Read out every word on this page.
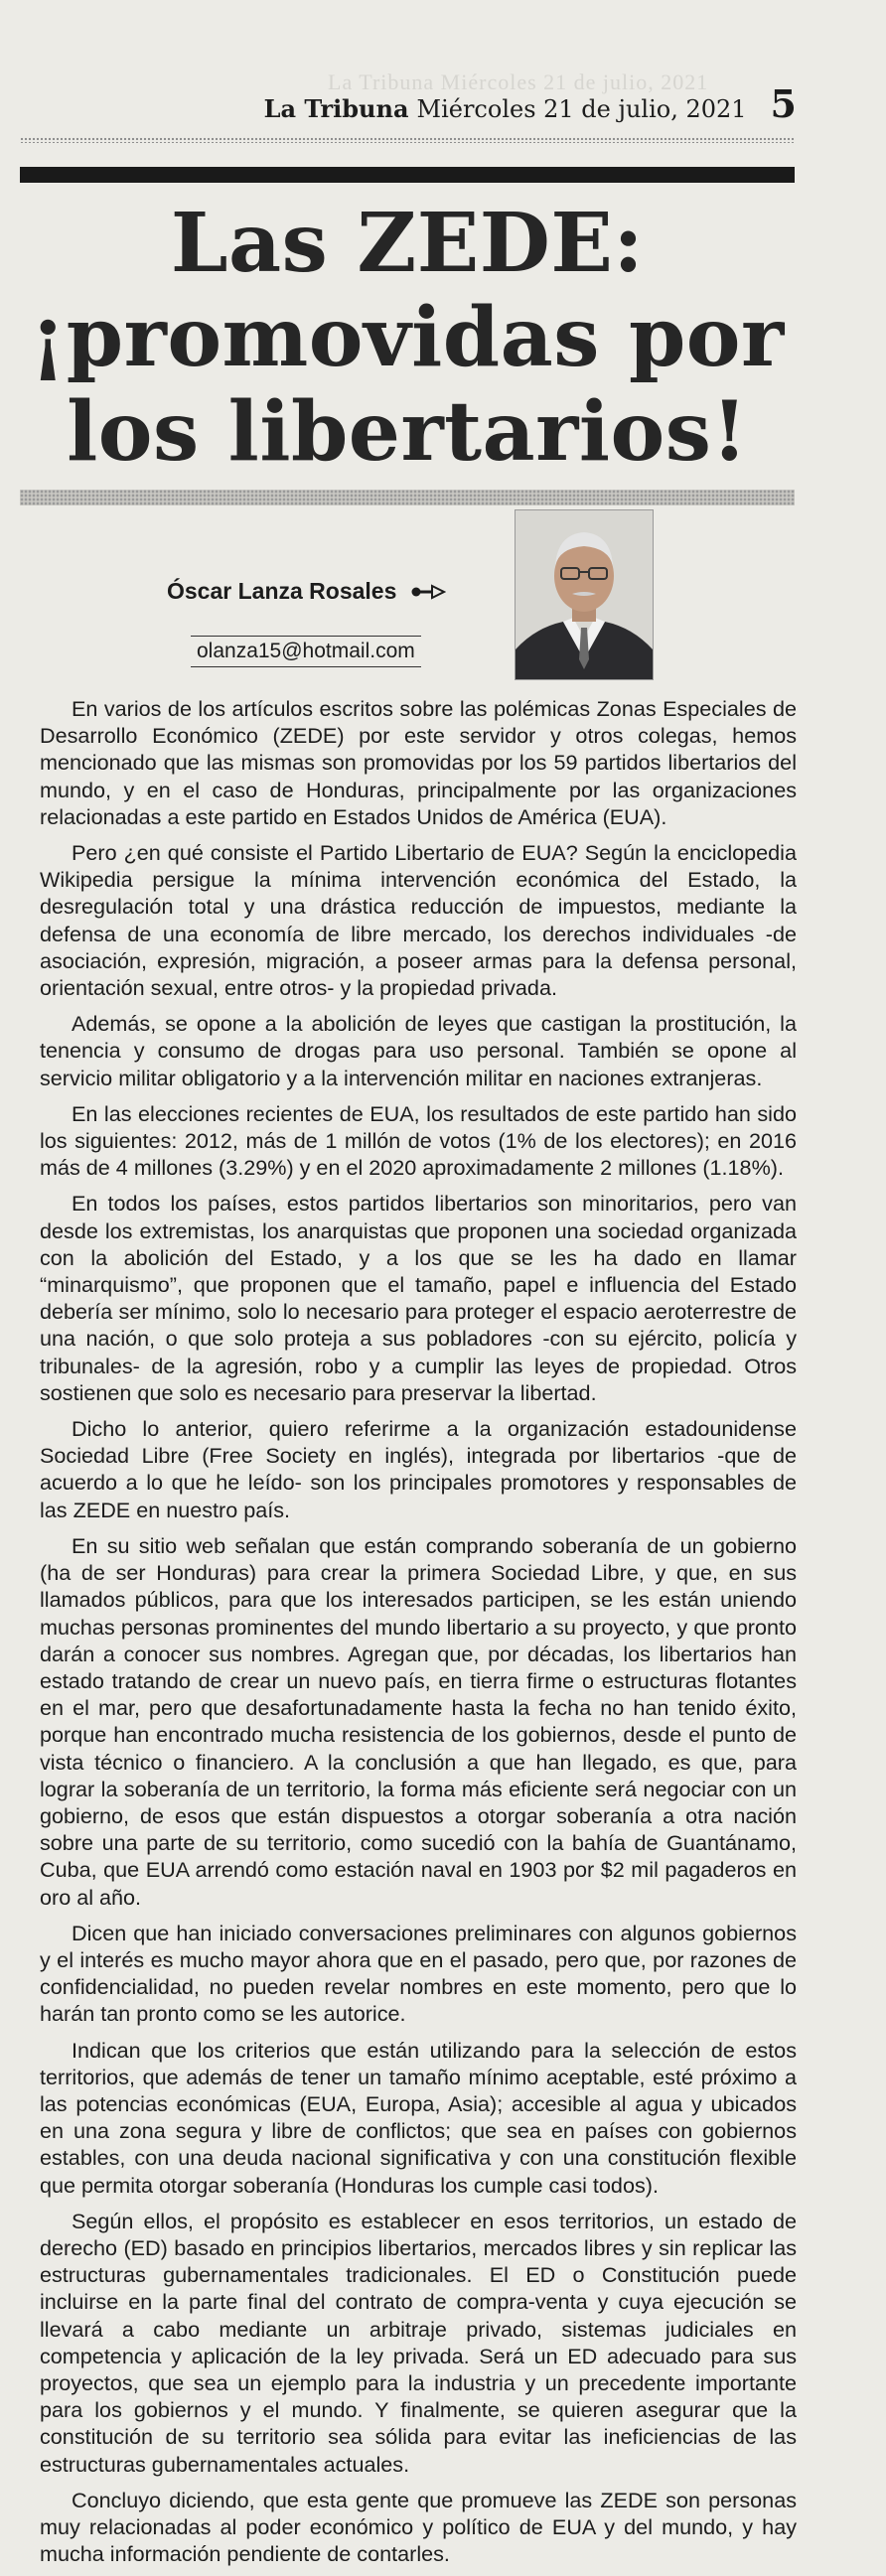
La Tribuna Miércoles 21 de julio, 2021
La Tribuna Miércoles 21 de julio, 2021 5
Las ZEDE:
¡promovidas por
los libertarios!
Óscar Lanza Rosales
olanza15@hotmail.com

En varios de los artículos escritos sobre las polémicas Zonas Especiales de Desarrollo Económico (ZEDE) por este servidor y otros colegas, hemos mencionado que las mismas son promovidas por los 59 partidos libertarios del mundo, y en el caso de Honduras, principalmente por las organizaciones relacionadas a este partido en Estados Unidos de América (EUA).

Pero ¿en qué consiste el Partido Libertario de EUA? Según la enciclopedia Wikipedia persigue la mínima intervención económica del Estado, la desregulación total y una drástica reducción de impuestos, mediante la defensa de una economía de libre mercado, los derechos individuales -de asociación, expresión, migración, a poseer armas para la defensa personal, orientación sexual, entre otros- y la propiedad privada.

Además, se opone a la abolición de leyes que castigan la prostitución, la tenencia y consumo de drogas para uso personal. También se opone al servicio militar obligatorio y a la intervención militar en naciones extranjeras.

En las elecciones recientes de EUA, los resultados de este partido han sido los siguientes: 2012, más de 1 millón de votos (1% de los electores); en 2016 más de 4 millones (3.29%) y en el 2020 aproximadamente 2 millones (1.18%).

En todos los países, estos partidos libertarios son minoritarios, pero van desde los extremistas, los anarquistas que proponen una sociedad organizada con la abolición del Estado, y a los que se les ha dado en llamar “minarquismo”, que proponen que el tamaño, papel e influencia del Estado debería ser mínimo, solo lo necesario para proteger el espacio aeroterrestre de una nación, o que solo proteja a sus pobladores -con su ejército, policía y tribunales- de la agresión, robo y a cumplir las leyes de propiedad. Otros sostienen que solo es necesario para preservar la libertad.

Dicho lo anterior, quiero referirme a la organización estadounidense Sociedad Libre (Free Society en inglés), integrada por libertarios -que de acuerdo a lo que he leído- son los principales promotores y responsables de las ZEDE en nuestro país.

En su sitio web señalan que están comprando soberanía de un gobierno (ha de ser Honduras) para crear la primera Sociedad Libre, y que, en sus llamados públicos, para que los interesados participen, se les están uniendo muchas personas prominentes del mundo libertario a su proyecto, y que pronto darán a conocer sus nombres. Agregan que, por décadas, los libertarios han estado tratando de crear un nuevo país, en tierra firme o estructuras flotantes en el mar, pero que desafortunadamente hasta la fecha no han tenido éxito, porque han encontrado mucha resistencia de los gobiernos, desde el punto de vista técnico o financiero. A la conclusión a que han llegado, es que, para lograr la soberanía de un territorio, la forma más eficiente será negociar con un gobierno, de esos que están dispuestos a otorgar soberanía a otra nación sobre una parte de su territorio, como sucedió con la bahía de Guantánamo, Cuba, que EUA arrendó como estación naval en 1903 por $2 mil pagaderos en oro al año.

Dicen que han iniciado conversaciones preliminares con algunos gobiernos y el interés es mucho mayor ahora que en el pasado, pero que, por razones de confidencialidad, no pueden revelar nombres en este momento, pero que lo harán tan pronto como se les autorice.

Indican que los criterios que están utilizando para la selección de estos territorios, que además de tener un tamaño mínimo aceptable, esté próximo a las potencias económicas (EUA, Europa, Asia); accesible al agua y ubicados en una zona segura y libre de conflictos; que sea en países con gobiernos estables, con una deuda nacional significativa y con una constitución flexible que permita otorgar soberanía (Honduras los cumple casi todos).

Según ellos, el propósito es establecer en esos territorios, un estado de derecho (ED) basado en principios libertarios, mercados libres y sin replicar las estructuras gubernamentales tradicionales. El ED o Constitución puede incluirse en la parte final del contrato de compra-venta y cuya ejecución se llevará a cabo mediante un arbitraje privado, sistemas judiciales en competencia y aplicación de la ley privada. Será un ED adecuado para sus proyectos, que sea un ejemplo para la industria y un precedente importante para los gobiernos y el mundo. Y finalmente, se quieren asegurar que la constitución de su territorio sea sólida para evitar las ineficiencias de las estructuras gubernamentales actuales.

Concluyo diciendo, que esta gente que promueve las ZEDE son personas muy relacionadas al poder económico y político de EUA y del mundo, y hay mucha información pendiente de contarles.
